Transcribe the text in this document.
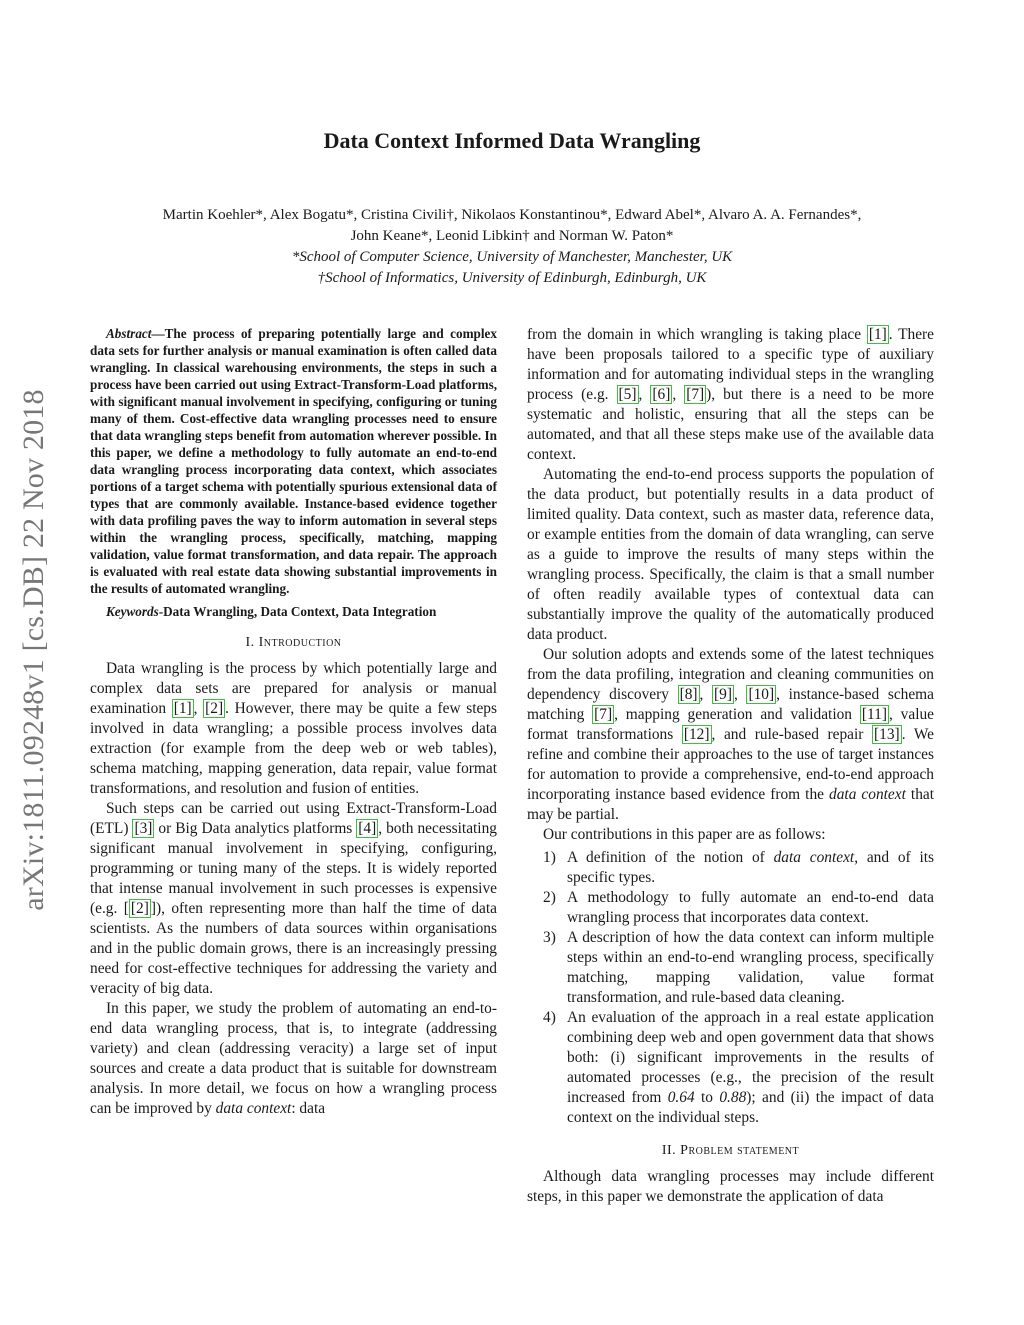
arXiv:1811.09248v1 [cs.DB] 22 Nov 2018
Data Context Informed Data Wrangling

Martin Koehler*, Alex Bogatu*, Cristina Civili†, Nikolaos Konstantinou*, Edward Abel*, Alvaro A. A. Fernandes*,

John Keane*, Leonid Libkin† and Norman W. Paton*

*School of Computer Science, University of Manchester, Manchester, UK

†School of Informatics, University of Edinburgh, Edinburgh, UK

Abstract—The process of preparing potentially large and complex data sets for further analysis or manual examination is often called data wrangling. In classical warehousing environments, the steps in such a process have been carried out using Extract-Transform-Load platforms, with significant manual involvement in specifying, configuring or tuning many of them. Cost-effective data wrangling processes need to ensure that data wrangling steps benefit from automation wherever possible. In this paper, we define a methodology to fully automate an end-to-end data wrangling process incorporating data context, which associates portions of a target schema with potentially spurious extensional data of types that are commonly available. Instance-based evidence together with data profiling paves the way to inform automation in several steps within the wrangling process, specifically, matching, mapping validation, value format transformation, and data repair. The approach is evaluated with real estate data showing substantial improvements in the results of automated wrangling.

Keywords-Data Wrangling, Data Context, Data Integration

I. Introduction

Data wrangling is the process by which potentially large and complex data sets are prepared for analysis or manual examination [1] , [2] . However, there may be quite a few steps involved in data wrangling; a possible process involves data extraction (for example from the deep web or web tables), schema matching, mapping generation, data repair, value format transformations, and resolution and fusion of entities.

Such steps can be carried out using Extract-Transform-Load (ETL) [3] or Big Data analytics platforms [4] , both necessitating significant manual involvement in specifying, configuring, programming or tuning many of the steps. It is widely reported that intense manual involvement in such processes is expensive (e.g. [ [2] ]), often representing more than half the time of data scientists. As the numbers of data sources within organisations and in the public domain grows, there is an increasingly pressing need for cost-effective techniques for addressing the variety and veracity of big data.

In this paper, we study the problem of automating an end-to-end data wrangling process, that is, to integrate (addressing variety) and clean (addressing veracity) a large set of input sources and create a data product that is suitable for downstream analysis. In more detail, we focus on how a wrangling process can be improved by data context: data

from the domain in which wrangling is taking place [1] . There have been proposals tailored to a specific type of auxiliary information and for automating individual steps in the wrangling process (e.g. [5] , [6] , [7] ), but there is a need to be more systematic and holistic, ensuring that all the steps can be automated, and that all these steps make use of the available data context.

Automating the end-to-end process supports the population of the data product, but potentially results in a data product of limited quality. Data context, such as master data, reference data, or example entities from the domain of data wrangling, can serve as a guide to improve the results of many steps within the wrangling process. Specifically, the claim is that a small number of often readily available types of contextual data can substantially improve the quality of the automatically produced data product.

Our solution adopts and extends some of the latest techniques from the data profiling, integration and cleaning communities on dependency discovery [8] , [9] , [10] , instance-based schema matching [7] , mapping generation and validation [11] , value format transformations [12] , and rule-based repair [13] . We refine and combine their approaches to the use of target instances for automation to provide a comprehensive, end-to-end approach incorporating instance based evidence from the data context that may be partial.

Our contributions in this paper are as follows:

1) A definition of the notion of data context, and of its specific types.
2) A methodology to fully automate an end-to-end data wrangling process that incorporates data context.
3) A description of how the data context can inform multiple steps within an end-to-end wrangling process, specifically matching, mapping validation, value format transformation, and rule-based data cleaning.
4) An evaluation of the approach in a real estate application combining deep web and open government data that shows both: (i) significant improvements in the results of automated processes (e.g., the precision of the result increased from 0.64 to 0.88); and (ii) the impact of data context on the individual steps.

II. Problem statement

Although data wrangling processes may include different steps, in this paper we demonstrate the application of data
